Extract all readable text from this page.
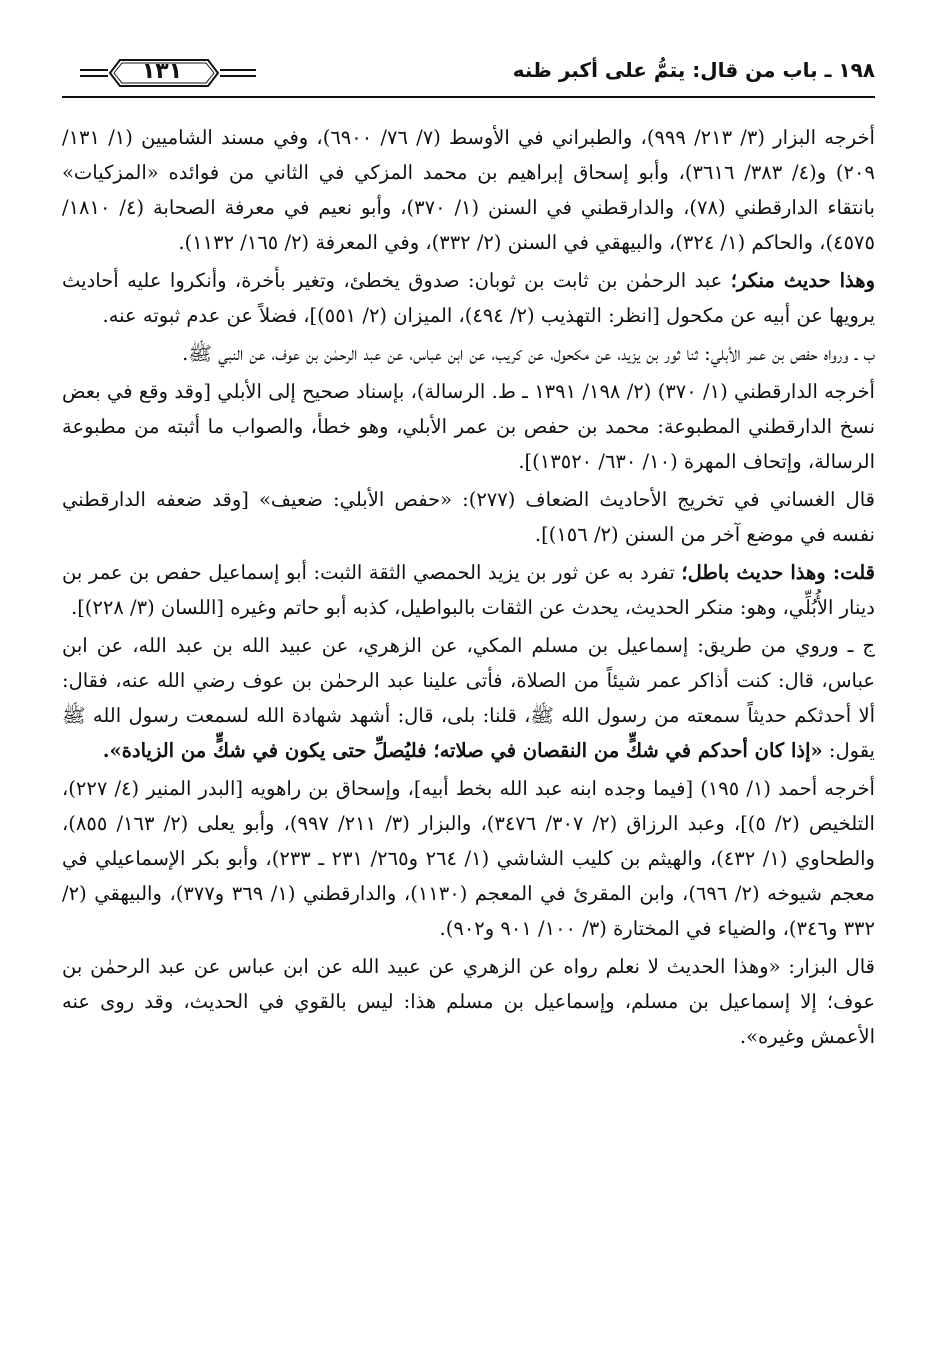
١٩٨ ـ باب من قال: يتمُّ على أكبر ظنه
١٣١

أخرجه البزار (٣/ ٢١٣/ ٩٩٩)، والطبراني في الأوسط (٧/ ٧٦/ ٦٩٠٠)، وفي مسند الشاميين (١/ ١٣١/ ٢٠٩) و(٤/ ٣٨٣/ ٣٦١٦)، وأبو إسحاق إبراهيم بن محمد المزكي في الثاني من فوائده «المزكيات» بانتقاء الدارقطني (٧٨)، والدارقطني في السنن (١/ ٣٧٠)، وأبو نعيم في معرفة الصحابة (٤/ ١٨١٠/ ٤٥٧٥)، والحاكم (١/ ٣٢٤)، والبيهقي في السنن (٢/ ٣٣٢)، وفي المعرفة (٢/ ١٦٥/ ١١٣٢).

وهذا حديث منكر؛ عبد الرحمٰن بن ثابت بن ثوبان: صدوق يخطئ، وتغير بأخرة، وأنكروا عليه أحاديث يرويها عن أبيه عن مكحول [انظر: التهذيب (٢/ ٤٩٤)، الميزان (٢/ ٥٥١)]، فضلاً عن عدم ثبوته عنه.

ب ـ ورواه حفص بن عمر الأبلي: ثنا ثور بن يزيد، عن مكحول، عن كريب، عن ابن عباس، عن عبد الرحمٰن بن عوف، عن النبي ﷺ.

أخرجه الدارقطني (١/ ٣٧٠) (٢/ ١٩٨/ ١٣٩١ ـ ط. الرسالة)، بإسناد صحيح إلى الأبلي [وقد وقع في بعض نسخ الدارقطني المطبوعة: محمد بن حفص بن عمر الأبلي، وهو خطأ، والصواب ما أثبته من مطبوعة الرسالة، وإتحاف المهرة (١٠/ ٦٣٠/ ١٣٥٢٠)].

قال الغساني في تخريج الأحاديث الضعاف (٢٧٧): «حفص الأبلي: ضعيف» [وقد ضعفه الدارقطني نفسه في موضع آخر من السنن (٢/ ١٥٦)].

قلت: وهذا حديث باطل؛ تفرد به عن ثور بن يزيد الحمصي الثقة الثبت: أبو إسماعيل حفص بن عمر بن دينار الأُبُلِّي، وهو: منكر الحديث، يحدث عن الثقات بالبواطيل، كذبه أبو حاتم وغيره [اللسان (٣/ ٢٢٨)].

ج ـ وروي من طريق: إسماعيل بن مسلم المكي، عن الزهري، عن عبيد الله بن عبد الله، عن ابن عباس، قال: كنت أذاكر عمر شيئاً من الصلاة، فأتى علينا عبد الرحمٰن بن عوف رضي الله عنه، فقال: ألا أحدثكم حديثاً سمعته من رسول الله ﷺ، قلنا: بلى، قال: أشهد شهادة الله لسمعت رسول الله ﷺ يقول: «إذا كان أحدكم في شكٍّ من النقصان في صلاته؛ فليُصلِّ حتى يكون في شكٍّ من الزيادة».

أخرجه أحمد (١/ ١٩٥) [فيما وجده ابنه عبد الله بخط أبيه]، وإسحاق بن راهويه [البدر المنير (٤/ ٢٢٧)، التلخيص (٢/ ٥)]، وعبد الرزاق (٢/ ٣٠٧/ ٣٤٧٦)، والبزار (٣/ ٢١١/ ٩٩٧)، وأبو يعلى (٢/ ١٦٣/ ٨٥٥)، والطحاوي (١/ ٤٣٢)، والهيثم بن كليب الشاشي (١/ ٢٦٤ و٢٦٥/ ٢٣١ ـ ٢٣٣)، وأبو بكر الإسماعيلي في معجم شيوخه (٢/ ٦٩٦)، وابن المقرئ في المعجم (١١٣٠)، والدارقطني (١/ ٣٦٩ و٣٧٧)، والبيهقي (٢/ ٣٣٢ و٣٤٦)، والضياء في المختارة (٣/ ١٠٠/ ٩٠١ و٩٠٢).

قال البزار: «وهذا الحديث لا نعلم رواه عن الزهري عن عبيد الله عن ابن عباس عن عبد الرحمٰن بن عوف؛ إلا إسماعيل بن مسلم، وإسماعيل بن مسلم هذا: ليس بالقوي في الحديث، وقد روى عنه الأعمش وغيره».
